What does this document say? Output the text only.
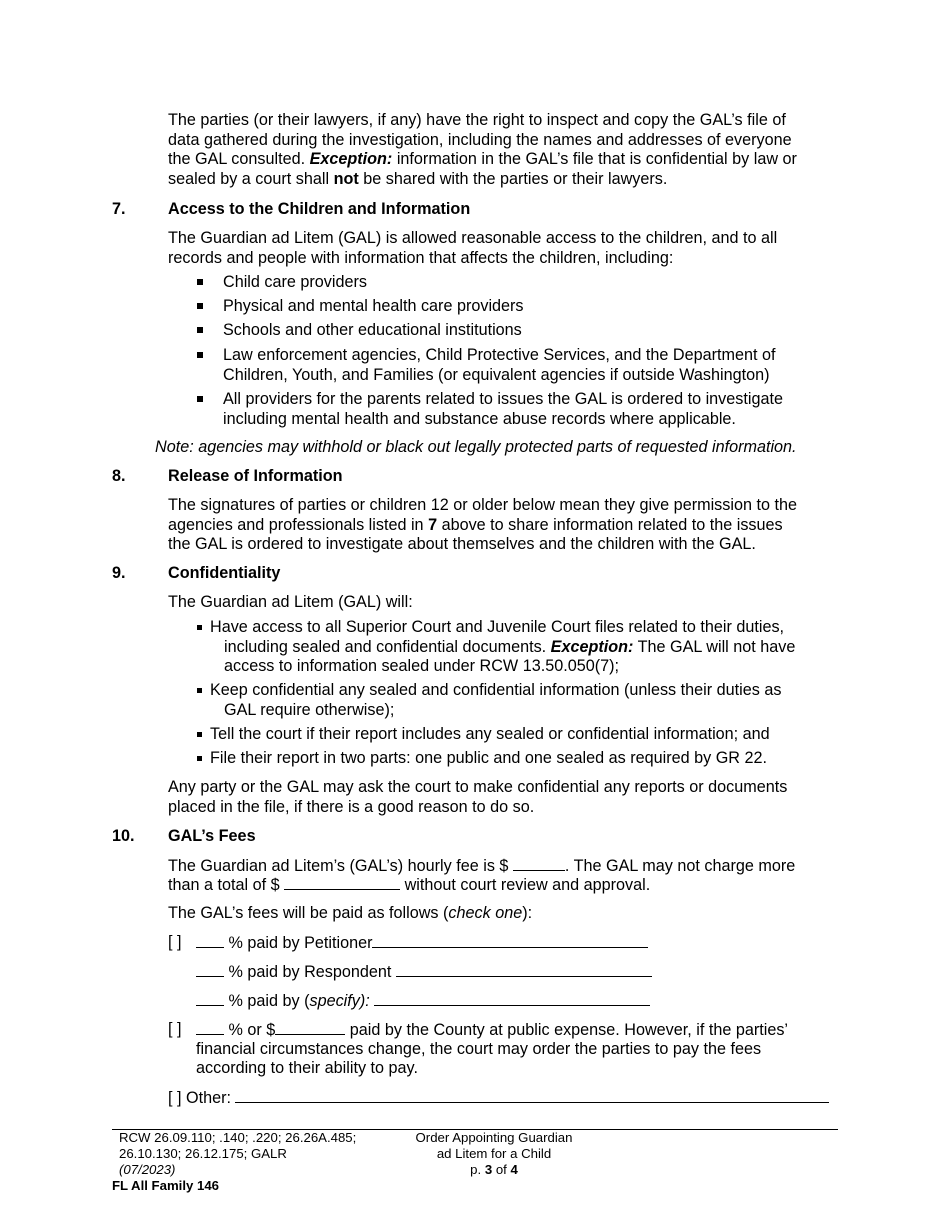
The parties (or their lawyers, if any) have the right to inspect and copy the GAL’s file of
data gathered during the investigation, including the names and addresses of everyone
the GAL consulted. Exception: information in the GAL’s file that is confidential by law or
sealed by a court shall not be shared with the parties or their lawyers.
7.	Access to the Children and Information
The Guardian ad Litem (GAL) is allowed reasonable access to the children, and to all
records and people with information that affects the children, including:
Child care providers
Physical and mental health care providers
Schools and other educational institutions
Law enforcement agencies, Child Protective Services, and the Department of
Children, Youth, and Families (or equivalent agencies if outside Washington)
All providers for the parents related to issues the GAL is ordered to investigate
including mental health and substance abuse records where applicable.
Note: agencies may withhold or black out legally protected parts of requested information.
8.	Release of Information
The signatures of parties or children 12 or older below mean they give permission to the
agencies and professionals listed in 7 above to share information related to the issues
the GAL is ordered to investigate about themselves and the children with the GAL.
9.	Confidentiality
The Guardian ad Litem (GAL) will:
Have access to all Superior Court and Juvenile Court files related to their duties,
including sealed and confidential documents. Exception: The GAL will not have
access to information sealed under RCW 13.50.050(7);
Keep confidential any sealed and confidential information (unless their duties as
GAL require otherwise);
Tell the court if their report includes any sealed or confidential information; and
File their report in two parts: one public and one sealed as required by GR 22.
Any party or the GAL may ask the court to make confidential any reports or documents
placed in the file, if there is a good reason to do so.
10. GAL’s Fees
The Guardian ad Litem’s (GAL’s) hourly fee is $	. The GAL may not charge more
than a total of $	without court review and approval.
The GAL’s fees will be paid as follows (check one):
[ ]	% paid by Petitioner
% paid by Respondent
% paid by (specify):
[ ]	% or $	paid by the County at public expense. However, if the parties’
financial circumstances change, the court may order the parties to pay the fees
according to their ability to pay.
[ ] Other:
RCW 26.09.110; .140; .220; 26.26A.485;
26.10.130; 26.12.175; GALR
(07/2023)
FL All Family 146
Order Appointing Guardian
ad Litem for a Child
p. 3 of 4
